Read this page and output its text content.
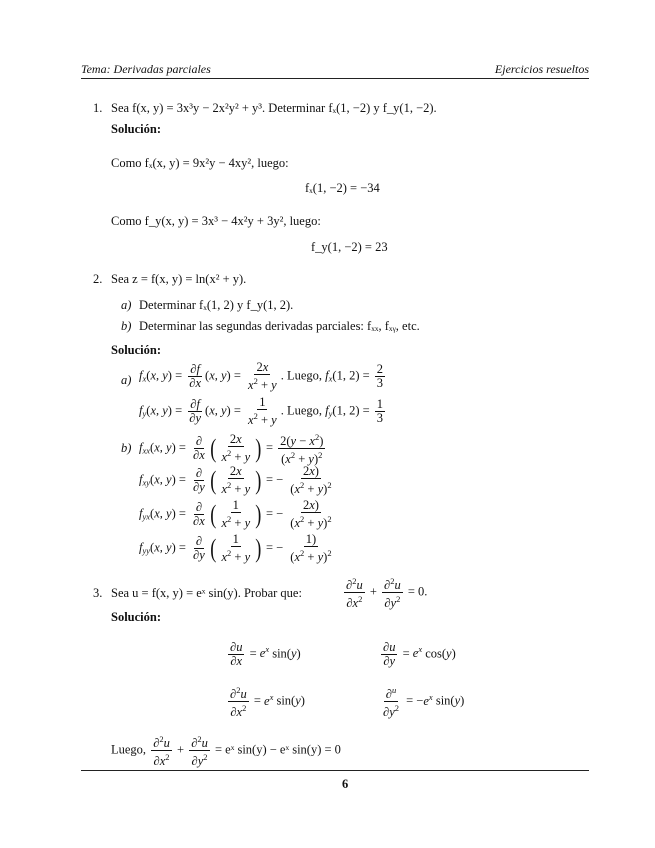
Tema: Derivadas parciales	Ejercicios resueltos
1. Sea f(x, y) = 3x³y − 2x²y² + y³. Determinar fₓ(1, −2) y f_y(1, −2).
Solución:
Como fₓ(x, y) = 9x²y − 4xy², luego:
fₓ(1, −2) = −34
Como f_y(x, y) = 3x³ − 4x²y + 3y², luego:
f_y(1, −2) = 23
2. Sea z = f(x, y) = ln(x² + y).
a) Determinar fₓ(1, 2) y f_y(1, 2).
b) Determinar las segundas derivadas parciales: fₓₓ, fₓᵧ, etc.
Solución:
a) $f_x(x$, $y) = \frac{\partial f}{\partial x} (x$, $y) = \frac{2x}{x^2 + y}$ . Luego, $f_x(1$, $2) = \frac{2}{3}$
$f_y(x$, $y) = \frac{\partial f}{\partial y} (x$, $y) = \frac{1}{x^2 + y}$ . Luego, $f_y(1$, $2) = \frac{1}{3}$
b) $f_{xx}(x$, $y) = \frac{\partial}{\partial x}$ ( $\frac{2x}{x^2 + y}$ ) = $\frac{2(y - x^2)}{(x^2 + y)^2}$
$f_{xy}(x$, $y) = \frac{\partial}{\partial y}$ ( $\frac{2x}{x^2 + y}$ ) = − $\frac{2x)}{(x^2 + y)^2}$
$f_{yx}(x$, $y) = \frac{\partial}{\partial x}$ ( $\frac{1}{x^2 + y}$ ) = − $\frac{2x)}{(x^2 + y)^2}$
$f_{yy}(x$, $y) = \frac{\partial}{\partial y}$ ( $\frac{1}{x^2 + y}$ ) = − $\frac{1)}{(x^2 + y)^2}$
3. Sea u = f(x, y) = eˣ sin(y). Probar que:	$\frac{\partial^2u}{\partial x^2} + \frac{\partial^2u}{\partial y^2} = 0$.
Solución:
$\frac{\partial u}{\partial x} = e^x$ sin(y)	$\frac{\partial u}{\partial y} = e^x$ cos(y)
$\frac{\partial^2u}{\partial x^2} = e^x$ sin(y)	$\frac{\partial^u}{\partial y^2} = -e^x$ sin(y)
Luego, $\frac{\partial^2u}{\partial x^2} + \frac{\partial^2u}{\partial y^2}$ = eˣ sin(y) − eˣ sin(y) = 0
6
